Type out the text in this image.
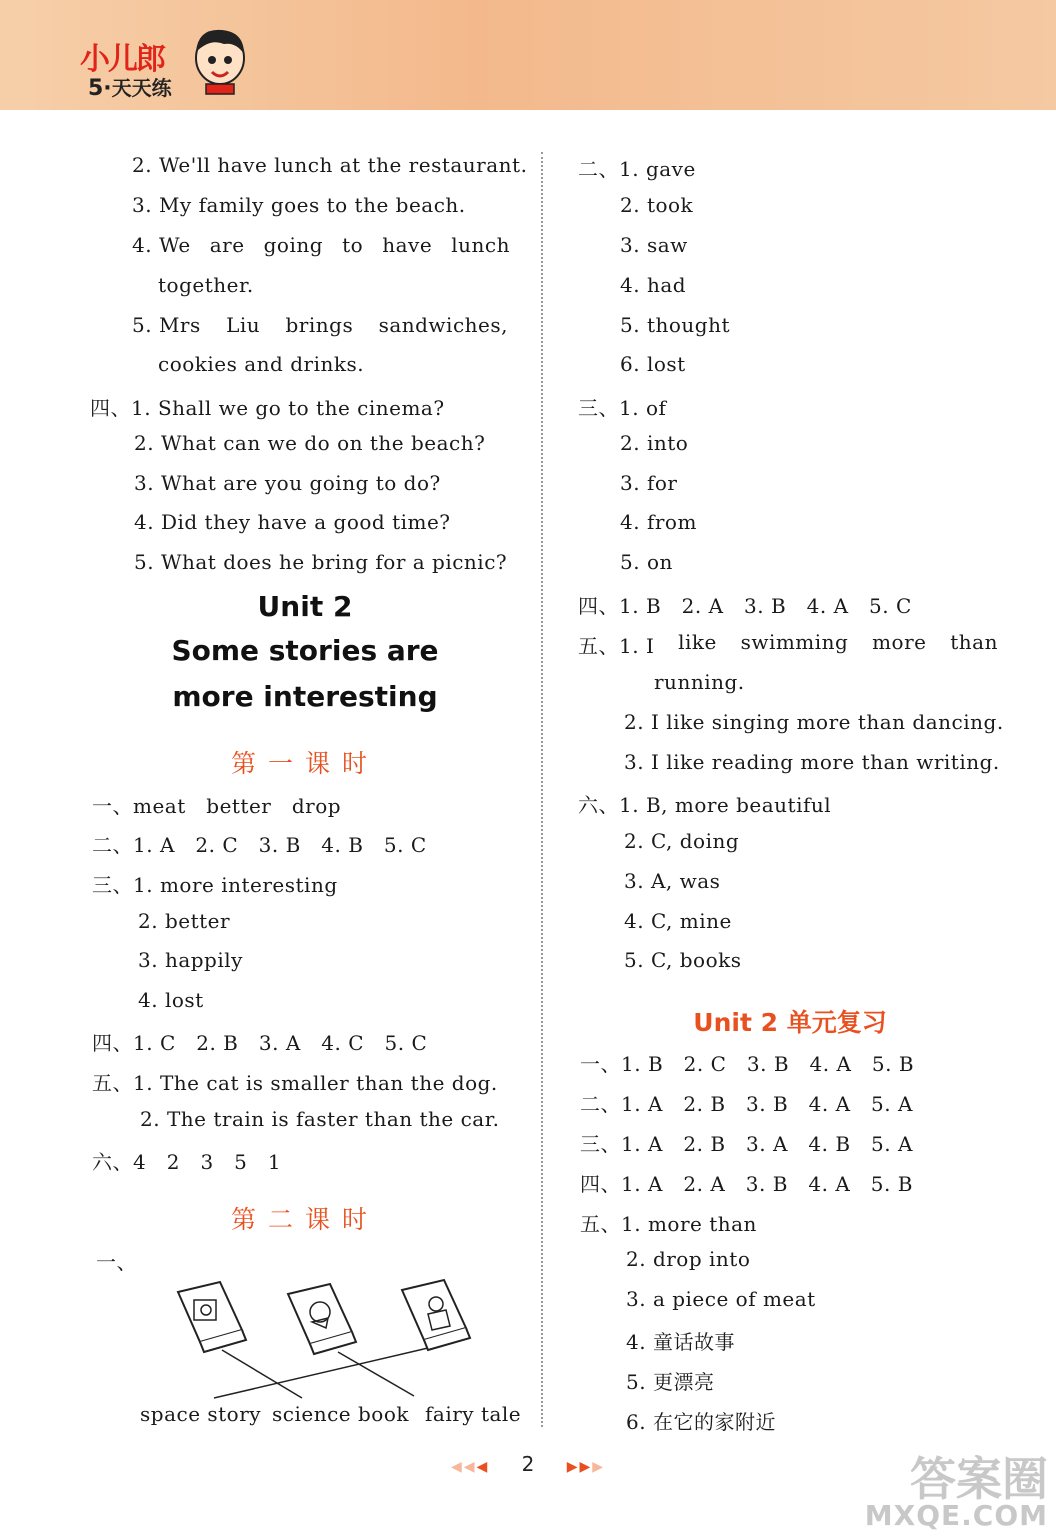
小儿郎
5·天天练
Unit 2
Some stories are
more interesting
第一课时
第二课时
一、
space story science book fairy tale
Unit 2 单元复习
◀◀◀ 2 ▶▶▶	答案圈
MXQE.COM
2. We'll have lunch at the restaurant.
3. My family goes to the beach.
4. We are going to have lunch
together.
5. Mrs Liu brings sandwiches,
cookies and drinks.
四、1. Shall we go to the cinema?
2. What can we do on the beach?
3. What are you going to do?
4. Did they have a good time?
5. What does he bring for a picnic?
一、meat　better　drop
二、1. A　2. C　3. B　4. B　5. C
三、1. more interesting
2. better
3. happily
4. lost
四、1. C　2. B　3. A　4. C　5. C
五、1. The cat is smaller than the dog.
2. The train is faster than the car.
六、4　2　3　5　1
二、1. gave
2. took
3. saw
4. had
5. thought
6. lost
三、1. of
2. into
3. for
4. from
5. on
四、1. B　2. A　3. B　4. A　5. C
五、1. I like swimming more than
running.
2. I like singing more than dancing.
3. I like reading more than writing.
六、1. B, more beautiful
2. C, doing
3. A, was
4. C, mine
5. C, books
一、1. B　2. C　3. B　4. A　5. B
二、1. A　2. B　3. B　4. A　5. A
三、1. A　2. B　3. A　4. B　5. A
四、1. A　2. A　3. B　4. A　5. B
五、1. more than
2. drop into
3. a piece of meat
4. 童话故事
5. 更漂亮
6. 在它的家附近
